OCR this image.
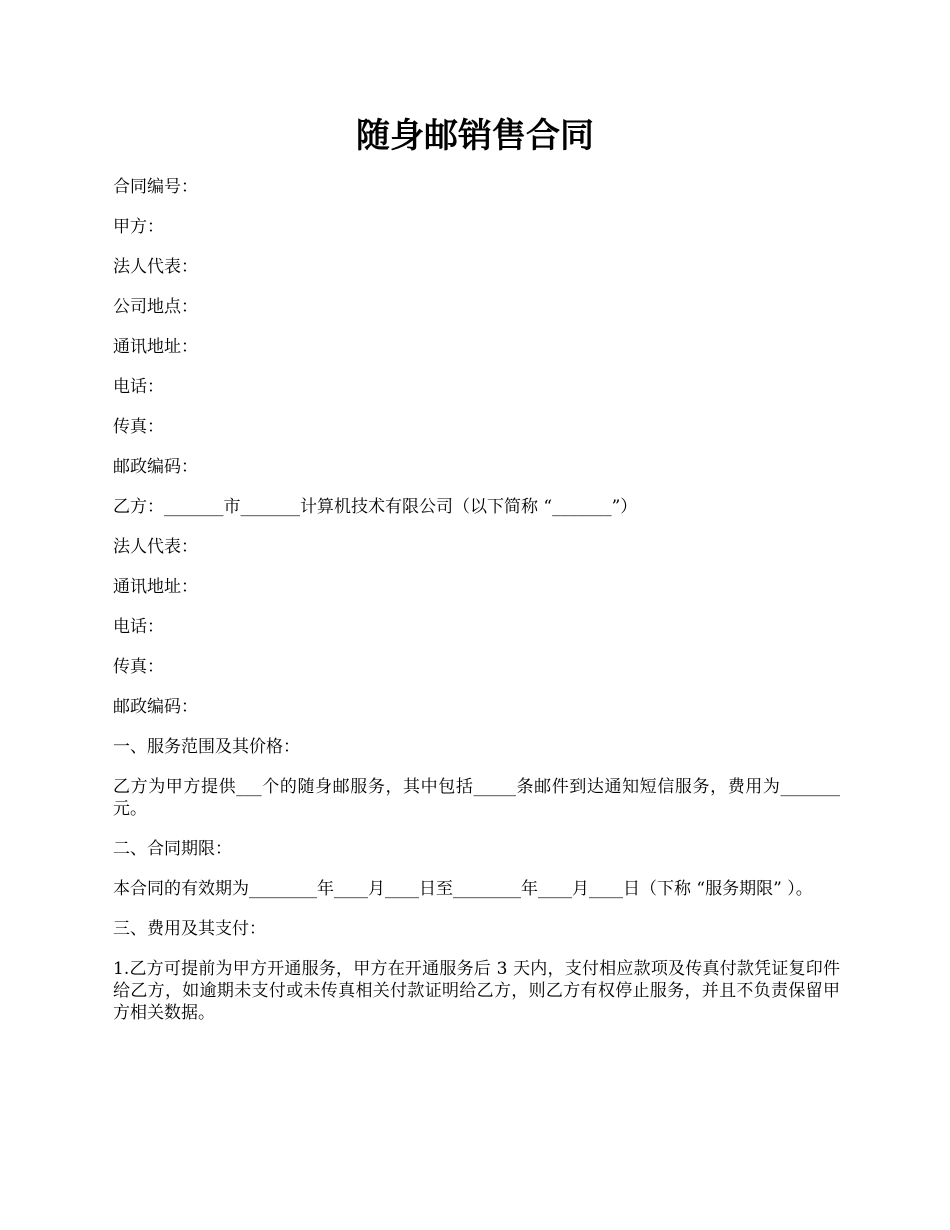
随身邮销售合同

合同编号：

甲方：

法人代表：

公司地点：

通讯地址：

电话：

传真：

邮政编码：

乙方：_______市_______计算机技术有限公司（以下简称 “_______”）

法人代表：

通讯地址：

电话：

传真：

邮政编码：

一、服务范围及其价格：

乙方为甲方提供___个的随身邮服务，其中包括_____条邮件到达通知短信服务，费用为_______元。

二、合同期限：

本合同的有效期为________年____月____日至________年____月____日（下称 “服务期限” ）。

三、费用及其支付：

1.乙方可提前为甲方开通服务，甲方在开通服务后 3 天内，支付相应款项及传真付款凭证复印件给乙方，如逾期未支付或未传真相关付款证明给乙方，则乙方有权停止服务，并且不负责保留甲方相关数据。
